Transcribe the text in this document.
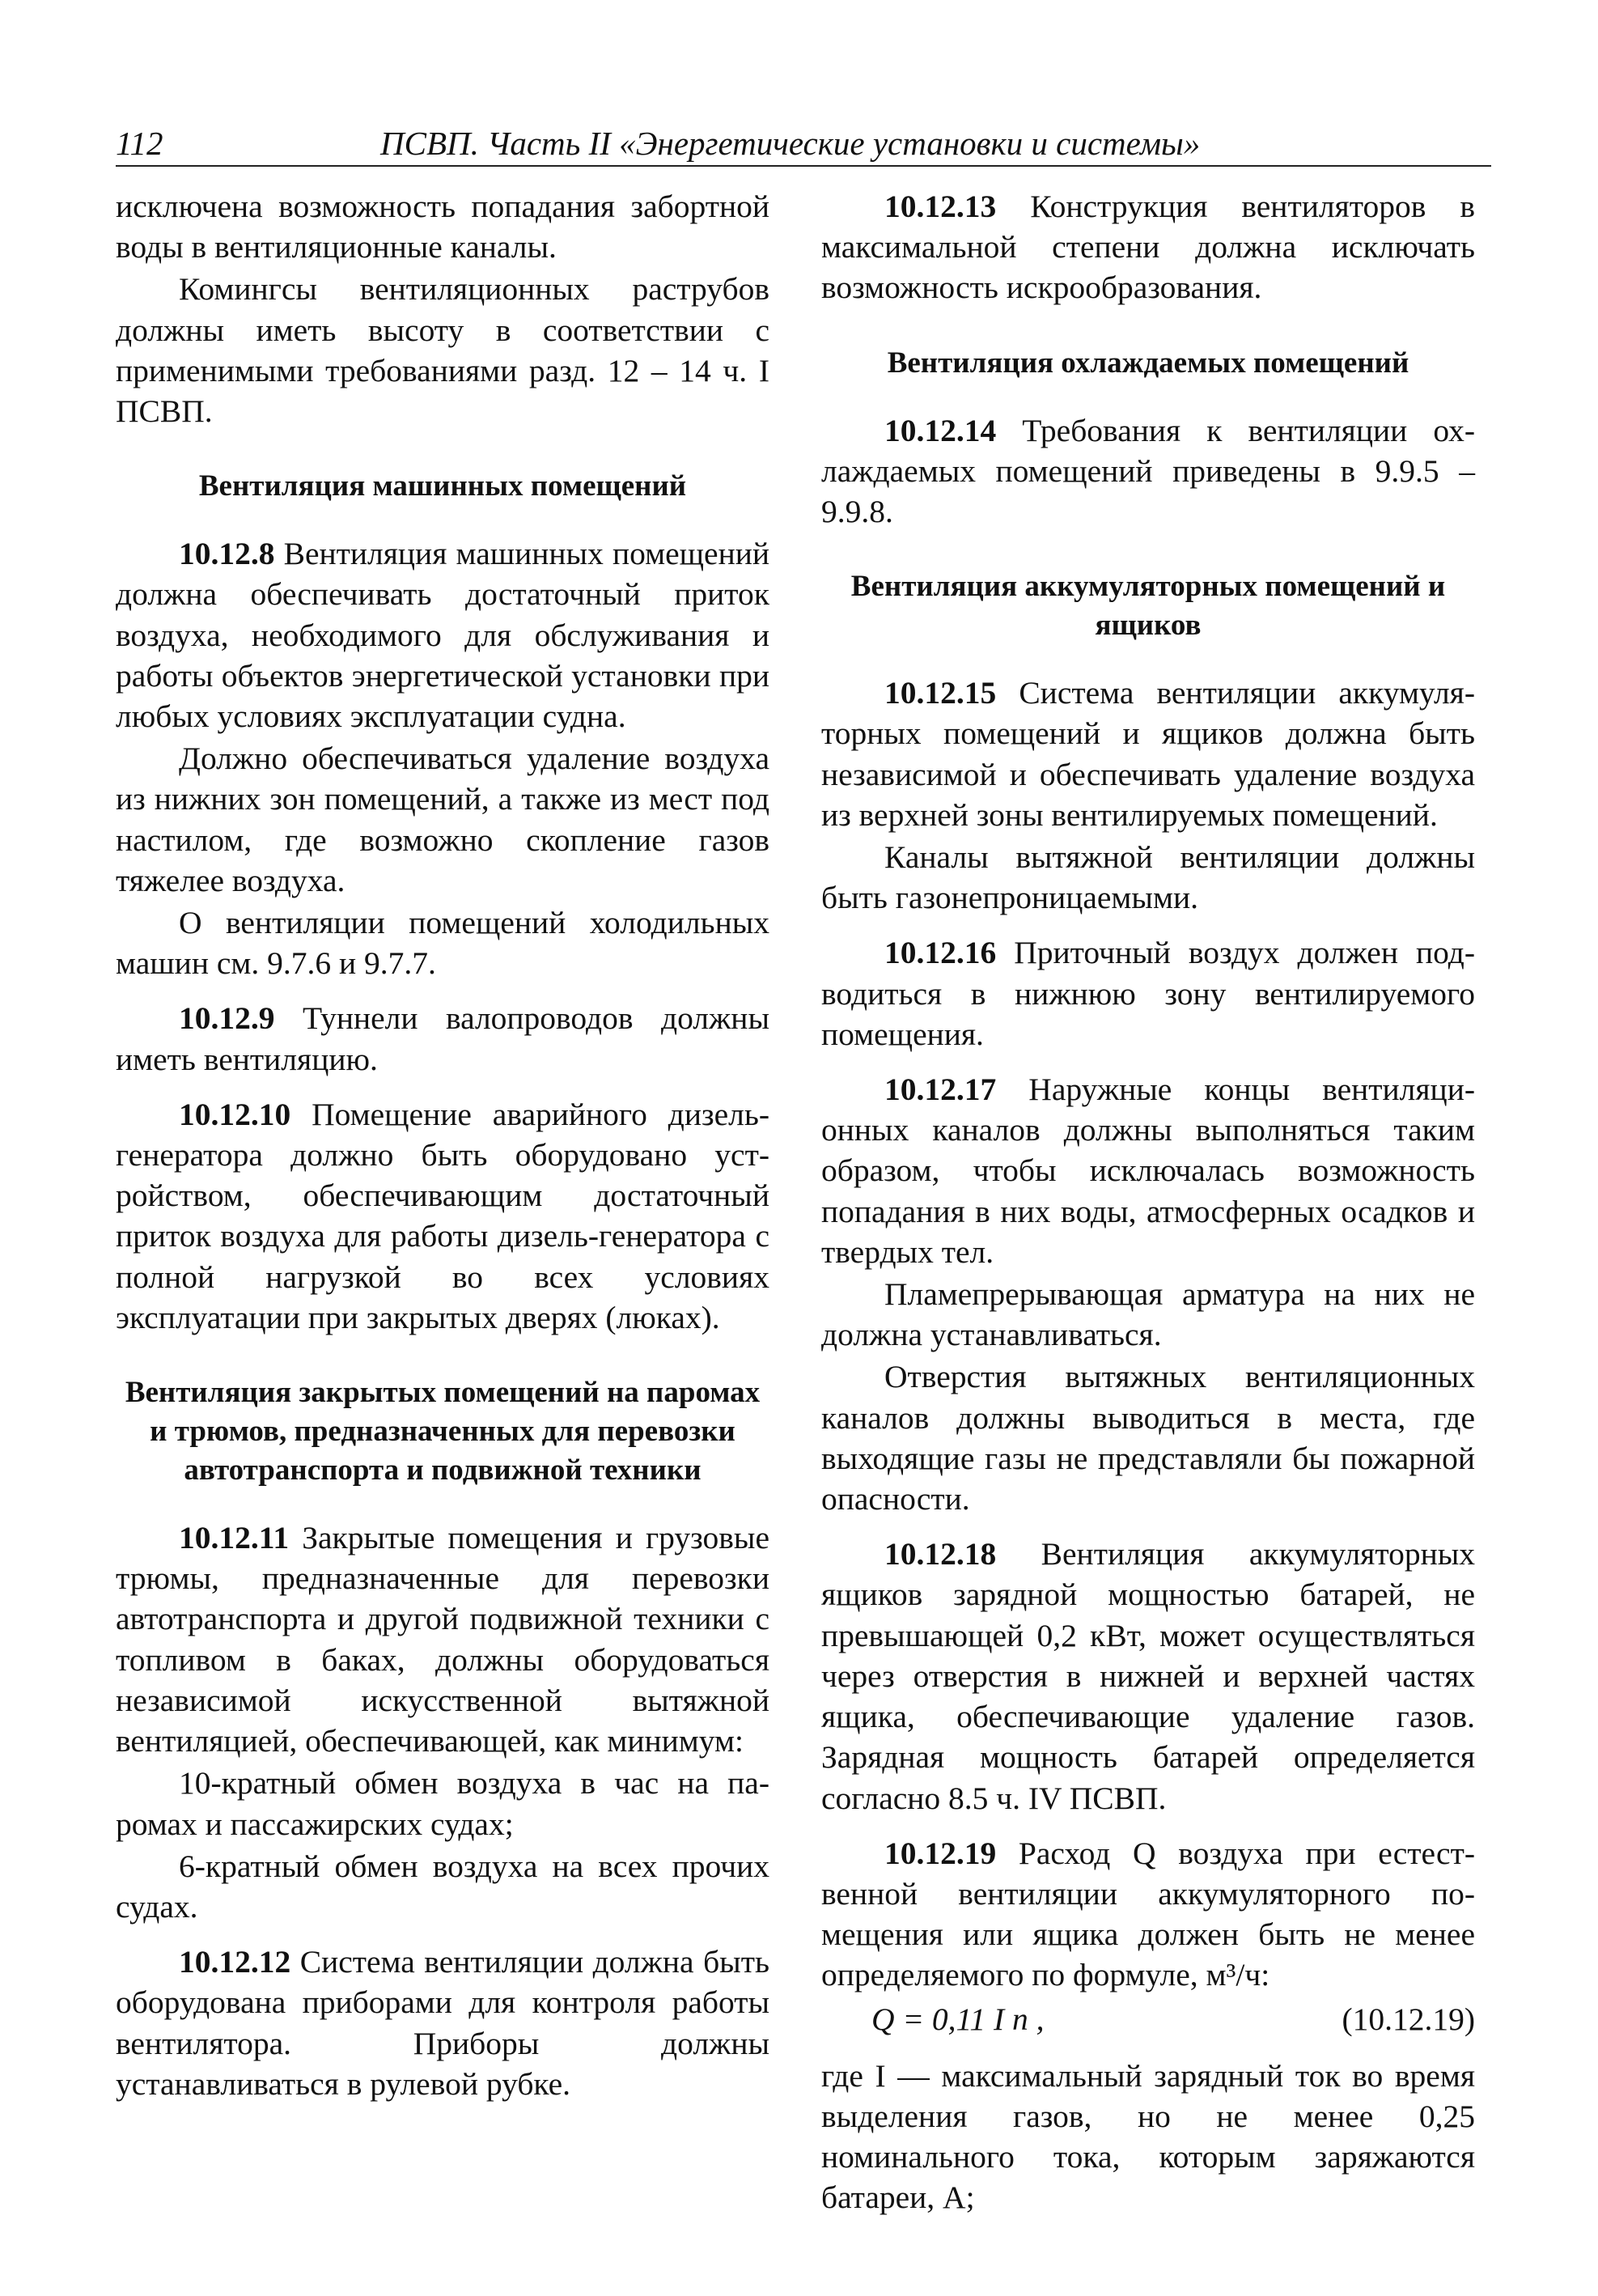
112	ПСВП. Часть II «Энергетические установки и системы»

исключена возможность попадания забортной воды в вентиляционные каналы.

Комингсы вентиляционных раструбов должны иметь высоту в соответствии с применимыми требованиями разд. 12 – 14 ч. I ПСВП.

Вентиляция машинных помещений

10.12.8 Вентиляция машинных помещений должна обеспечивать достаточный приток воздуха, необходимого для обслуживания и работы объектов энергетической установки при любых условиях эксплуатации судна.

Должно обеспечиваться удаление воздуха из нижних зон помещений, а также из мест под настилом, где возможно скопление газов тяжелее воздуха.

О вентиляции помещений холодильных машин см. 9.7.6 и 9.7.7.

10.12.9 Туннели валопроводов должны иметь вентиляцию.

10.12.10 Помещение аварийного дизель-генератора должно быть оборудовано устройством, обеспечивающим достаточный приток воздуха для работы дизель-генератора с полной нагрузкой во всех условиях эксплуатации при закрытых дверях (люках).

Вентиляция закрытых помещений на паромах и трюмов, предназначенных для перевозки автотранспорта и подвижной техники

10.12.11 Закрытые помещения и грузовые трюмы, предназначенные для перевозки автотранспорта и другой подвижной техники с топливом в баках, должны оборудоваться независимой искусственной вытяжной вентиляцией, обеспечивающей, как минимум:

10-кратный обмен воздуха в час на паромах и пассажирских судах;

6-кратный обмен воздуха на всех прочих судах.

10.12.12 Система вентиляции должна быть оборудована приборами для контроля работы вентилятора. Приборы должны устанавливаться в рулевой рубке.

10.12.13 Конструкция вентиляторов в максимальной степени должна исключать возможность искрообразования.

Вентиляция охлаждаемых помещений

10.12.14 Требования к вентиляции охлаждаемых помещений приведены в 9.9.5 – 9.9.8.

Вентиляция аккумуляторных помещений и ящиков

10.12.15 Система вентиляции аккумуляторных помещений и ящиков должна быть независимой и обеспечивать удаление воздуха из верхней зоны вентилируемых помещений.

Каналы вытяжной вентиляции должны быть газонепроницаемыми.

10.12.16 Приточный воздух должен подводиться в нижнюю зону вентилируемого помещения.

10.12.17 Наружные концы вентиляционных каналов должны выполняться таким образом, чтобы исключалась возможность попадания в них воды, атмосферных осадков и твердых тел.

Пламепрерывающая арматура на них не должна устанавливаться.

Отверстия вытяжных вентиляционных каналов должны выводиться в места, где выходящие газы не представляли бы пожарной опасности.

10.12.18 Вентиляция аккумуляторных ящиков зарядной мощностью батарей, не превышающей 0,2 кВт, может осуществляться через отверстия в нижней и верхней частях ящика, обеспечивающие удаление газов. Зарядная мощность батарей определяется согласно 8.5 ч. IV ПСВП.

10.12.19 Расход Q воздуха при естественной вентиляции аккумуляторного помещения или ящика должен быть не менее определяемого по формуле, м³/ч:

Q = 0,11 I n ,	(10.12.19)

где I — максимальный зарядный ток во время выделения газов, но не менее 0,25 номинального тока, которым заряжаются батареи, А;
